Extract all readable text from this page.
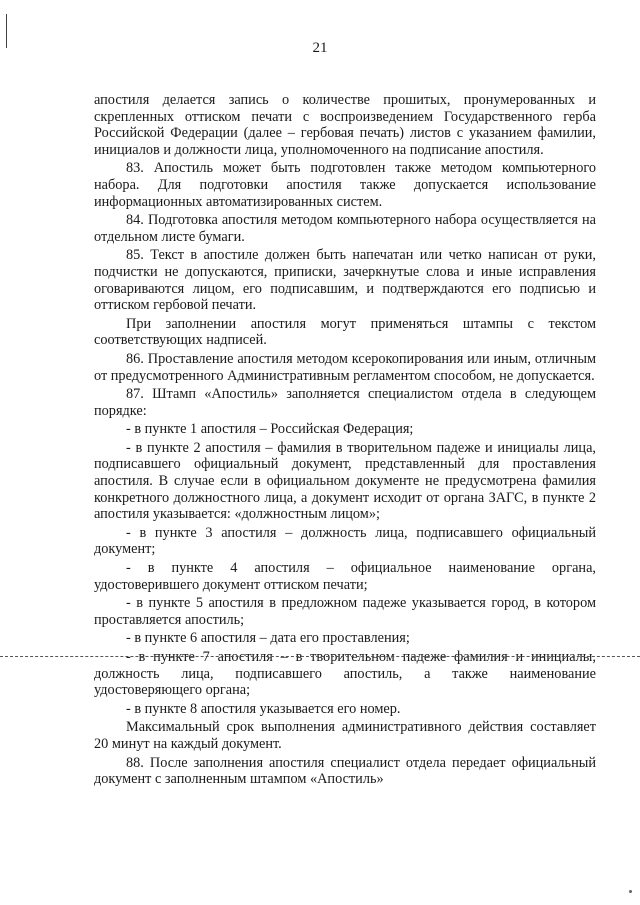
21

апостиля делается запись о количестве прошитых, пронумерованных и скрепленных оттиском печати с воспроизведением Государственного герба Российской Федерации (далее – гербовая печать) листов с указанием фамилии, инициалов и должности лица, уполномоченного на подписание апостиля.

83. Апостиль может быть подготовлен также методом компьютерного набора. Для подготовки апостиля также допускается использование информационных автоматизированных систем.

84. Подготовка апостиля методом компьютерного набора осуществляется на отдельном листе бумаги.

85. Текст в апостиле должен быть напечатан или четко написан от руки, подчистки не допускаются, приписки, зачеркнутые слова и иные исправления оговариваются лицом, его подписавшим, и подтверждаются его подписью и оттиском гербовой печати.

При заполнении апостиля могут применяться штампы с текстом соответствующих надписей.

86. Проставление апостиля методом ксерокопирования или иным, отличным от предусмотренного Административным регламентом способом, не допускается.

87. Штамп «Апостиль» заполняется специалистом отдела в следующем порядке:

- в пункте 1 апостиля – Российская Федерация;

- в пункте 2 апостиля – фамилия в творительном падеже и инициалы лица, подписавшего официальный документ, представленный для проставления апостиля. В случае если в официальном документе не предусмотрена фамилия конкретного должностного лица, а документ исходит от органа ЗАГС, в пункте 2 апостиля указывается: «должностным лицом»;

- в пункте 3 апостиля – должность лица, подписавшего официальный документ;

- в пункте 4 апостиля – официальное наименование органа, удостоверившего документ оттиском печати;

- в пункте 5 апостиля в предложном падеже указывается город, в котором проставляется апостиль;

- в пункте 6 апостиля – дата его проставления;

- в пункте 7 апостиля – в творительном падеже фамилия и инициалы, должность лица, подписавшего апостиль, а также наименование удостоверяющего органа;

- в пункте 8 апостиля указывается его номер.

Максимальный срок выполнения административного действия составляет 20 минут на каждый документ.

88. После заполнения апостиля специалист отдела передает официальный документ с заполненным штампом «Апостиль»
